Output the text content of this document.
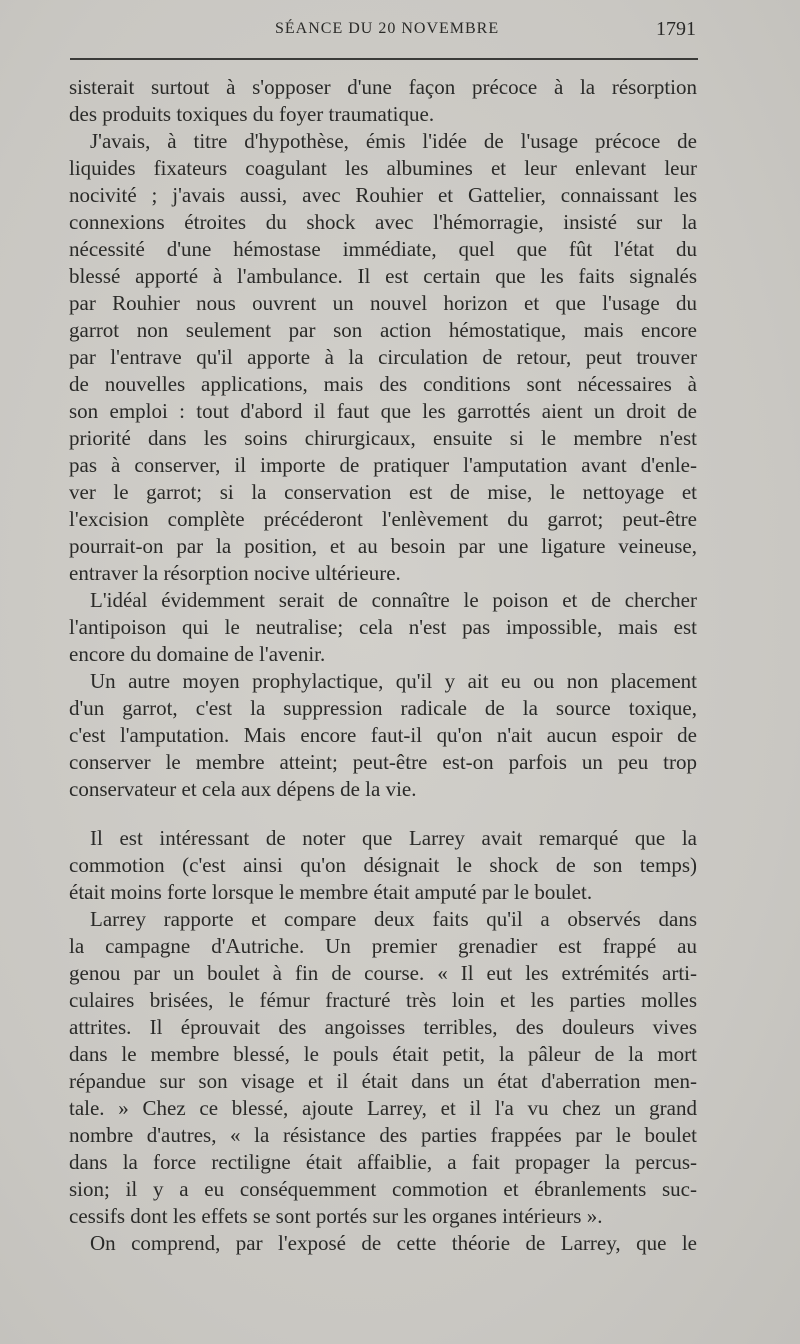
SÉANCE DU 20 NOVEMBRE	1791
sisterait surtout à s'opposer d'une façon précoce à la résorption
des produits toxiques du foyer traumatique.
J'avais, à titre d'hypothèse, émis l'idée de l'usage précoce de
liquides fixateurs coagulant les albumines et leur enlevant leur
nocivité ; j'avais aussi, avec Rouhier et Gattelier, connaissant les
connexions étroites du shock avec l'hémorragie, insisté sur la
nécessité d'une hémostase immédiate, quel que fût l'état du
blessé apporté à l'ambulance. Il est certain que les faits signalés
par Rouhier nous ouvrent un nouvel horizon et que l'usage du
garrot non seulement par son action hémostatique, mais encore
par l'entrave qu'il apporte à la circulation de retour, peut trouver
de nouvelles applications, mais des conditions sont nécessaires à
son emploi : tout d'abord il faut que les garrottés aient un droit de
priorité dans les soins chirurgicaux, ensuite si le membre n'est
pas à conserver, il importe de pratiquer l'amputation avant d'enle-
ver le garrot; si la conservation est de mise, le nettoyage et
l'excision complète précéderont l'enlèvement du garrot; peut-être
pourrait-on par la position, et au besoin par une ligature veineuse,
entraver la résorption nocive ultérieure.
L'idéal évidemment serait de connaître le poison et de chercher
l'antipoison qui le neutralise; cela n'est pas impossible, mais est
encore du domaine de l'avenir.
Un autre moyen prophylactique, qu'il y ait eu ou non placement
d'un garrot, c'est la suppression radicale de la source toxique,
c'est l'amputation. Mais encore faut-il qu'on n'ait aucun espoir de
conserver le membre atteint; peut-être est-on parfois un peu trop
conservateur et cela aux dépens de la vie.
Il est intéressant de noter que Larrey avait remarqué que la
commotion (c'est ainsi qu'on désignait le shock de son temps)
était moins forte lorsque le membre était amputé par le boulet.
Larrey rapporte et compare deux faits qu'il a observés dans
la campagne d'Autriche. Un premier grenadier est frappé au
genou par un boulet à fin de course. « Il eut les extrémités arti-
culaires brisées, le fémur fracturé très loin et les parties molles
attrites. Il éprouvait des angoisses terribles, des douleurs vives
dans le membre blessé, le pouls était petit, la pâleur de la mort
répandue sur son visage et il était dans un état d'aberration men-
tale. » Chez ce blessé, ajoute Larrey, et il l'a vu chez un grand
nombre d'autres, « la résistance des parties frappées par le boulet
dans la force rectiligne était affaiblie, a fait propager la percus-
sion; il y a eu conséquemment commotion et ébranlements suc-
cessifs dont les effets se sont portés sur les organes intérieurs ».
On comprend, par l'exposé de cette théorie de Larrey, que le
